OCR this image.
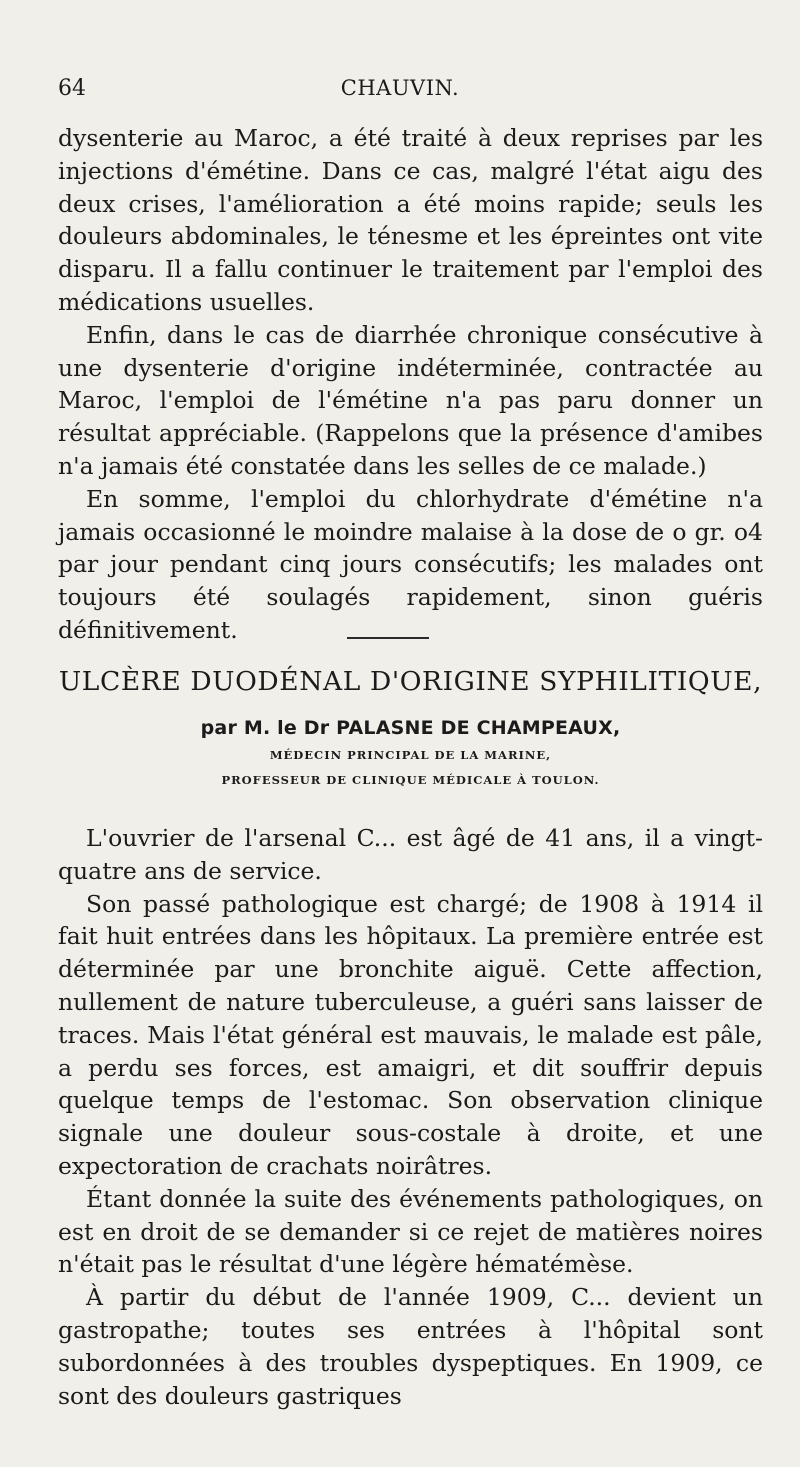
64	CHAUVIN.

dysenterie au Maroc, a été traité à deux reprises par les injections d'émétine. Dans ce cas, malgré l'état aigu des deux crises, l'amélioration a été moins rapide; seuls les douleurs abdominales, le ténesme et les épreintes ont vite disparu. Il a fallu continuer le traitement par l'emploi des médications usuelles.

Enfin, dans le cas de diarrhée chronique consécutive à une dysenterie d'origine indéterminée, contractée au Maroc, l'emploi de l'émétine n'a pas paru donner un résultat appréciable. (Rappelons que la présence d'amibes n'a jamais été constatée dans les selles de ce malade.)

En somme, l'emploi du chlorhydrate d'émétine n'a jamais occasionné le moindre malaise à la dose de o gr. o4 par jour pendant cinq jours consécutifs; les malades ont toujours été soulagés rapidement, sinon guéris définitivement.

ULCÈRE DUODÉNAL D'ORIGINE SYPHILITIQUE,
par M. le Dr PALASNE DE CHAMPEAUX,
MÉDECIN PRINCIPAL DE LA MARINE,
PROFESSEUR DE CLINIQUE MÉDICALE À TOULON.

L'ouvrier de l'arsenal C... est âgé de 41 ans, il a vingt-quatre ans de service.

Son passé pathologique est chargé; de 1908 à 1914 il fait huit entrées dans les hôpitaux. La première entrée est déterminée par une bronchite aiguë. Cette affection, nullement de nature tuberculeuse, a guéri sans laisser de traces. Mais l'état général est mauvais, le malade est pâle, a perdu ses forces, est amaigri, et dit souffrir depuis quelque temps de l'estomac. Son observation clinique signale une douleur sous-costale à droite, et une expectoration de crachats noirâtres.

Étant donnée la suite des événements pathologiques, on est en droit de se demander si ce rejet de matières noires n'était pas le résultat d'une légère hématémèse.

À partir du début de l'année 1909, C... devient un gastropathe; toutes ses entrées à l'hôpital sont subordonnées à des troubles dyspeptiques. En 1909, ce sont des douleurs gastriques
